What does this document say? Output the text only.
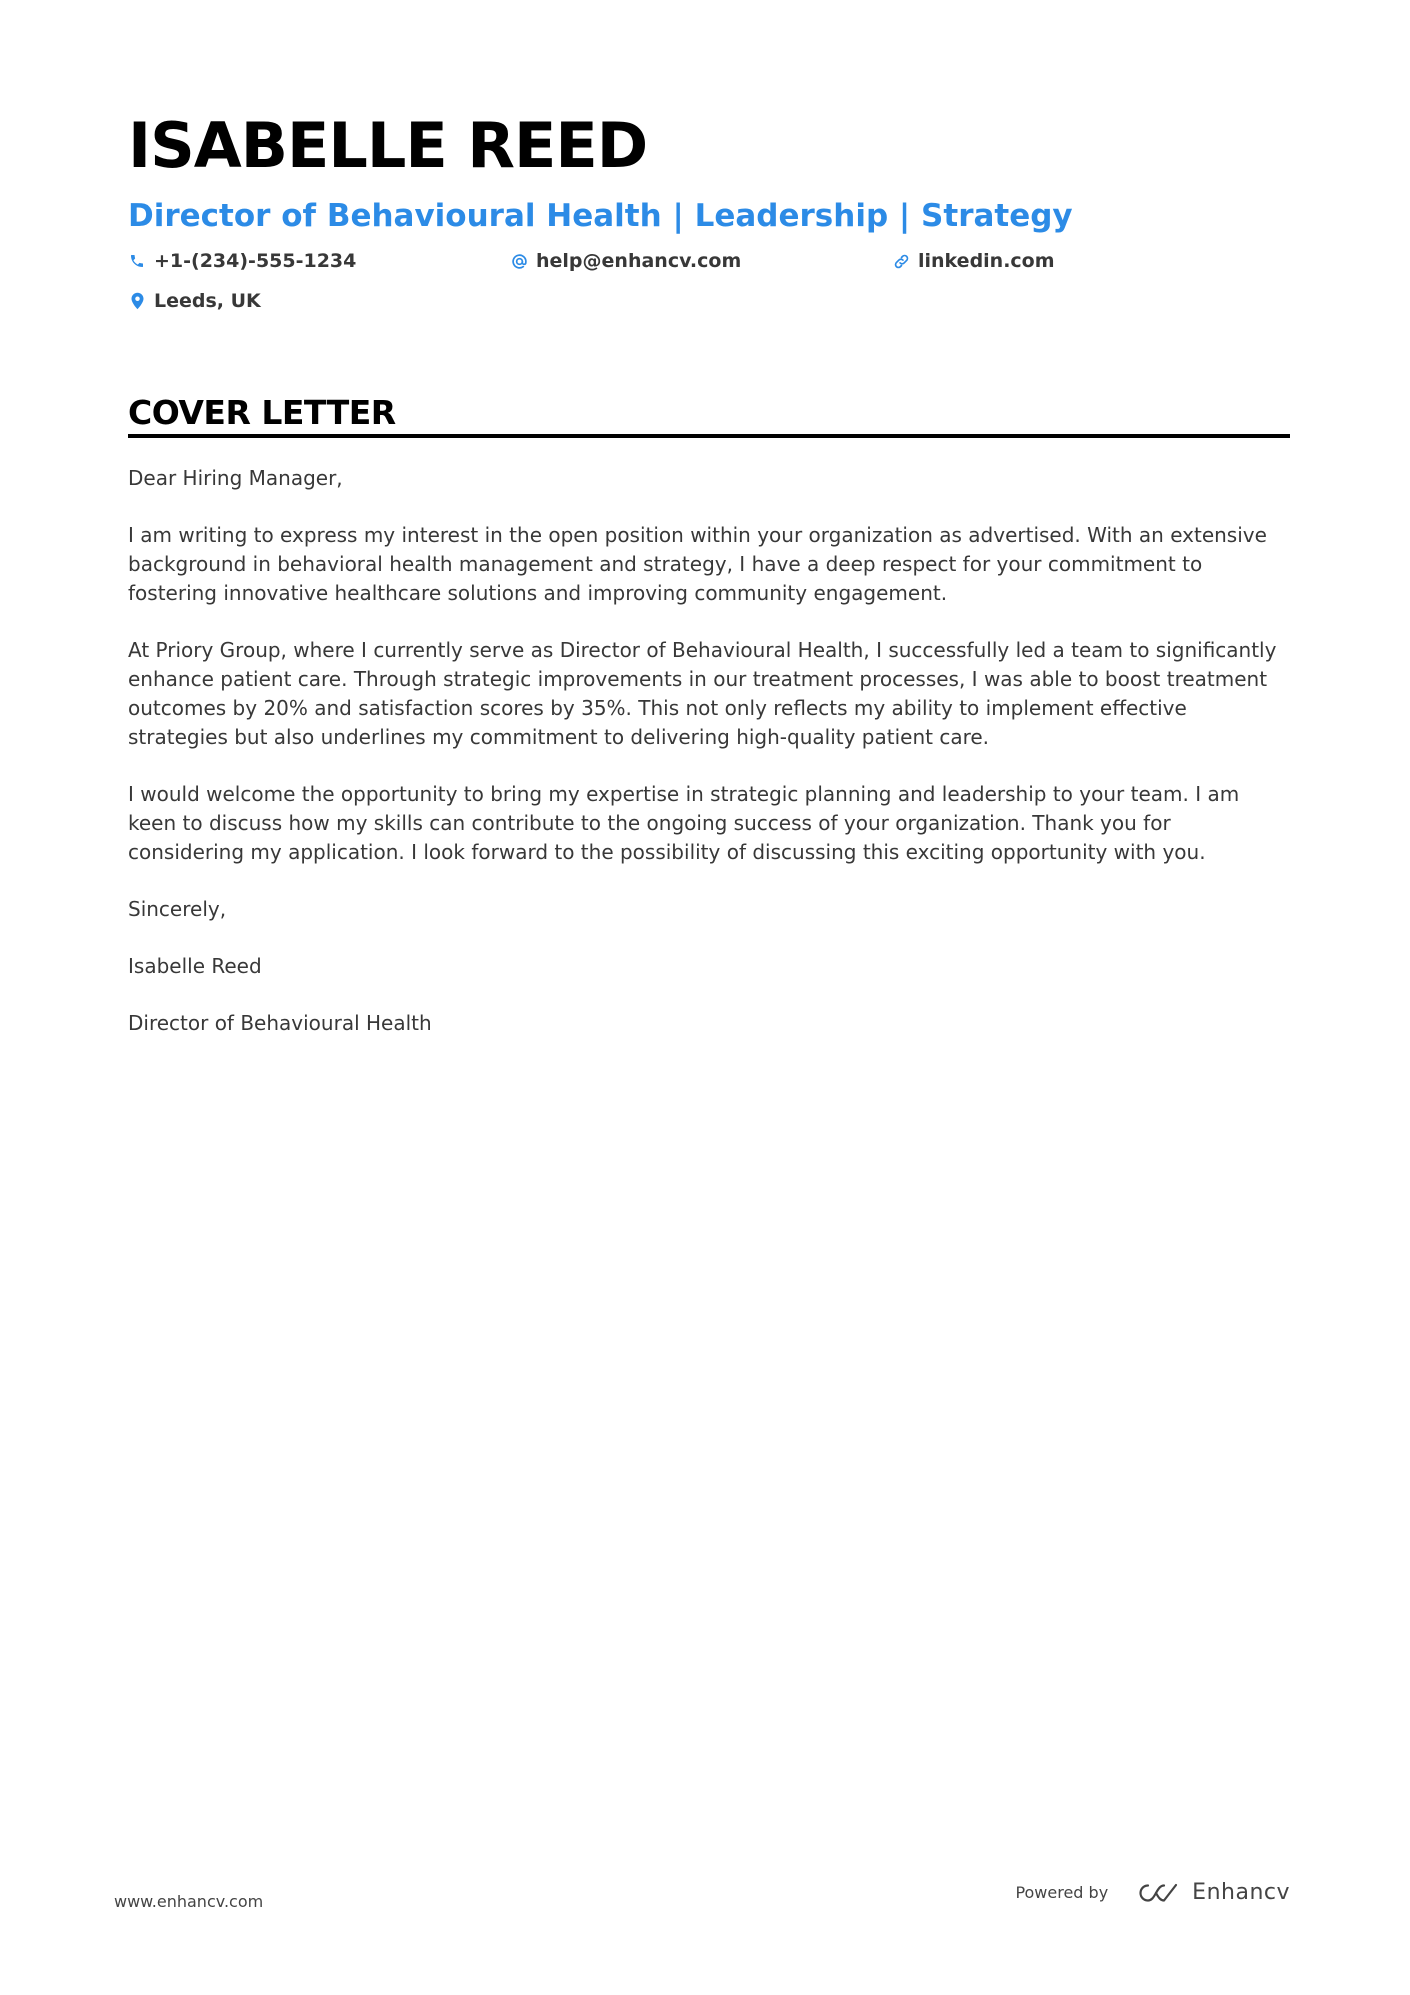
ISABELLE REED
Director of Behavioural Health | Leadership | Strategy
+1-(234)-555-1234	help@enhancv.com	linkedin.com
Leeds, UK
COVER LETTER

Dear Hiring Manager,

I am writing to express my interest in the open position within your organization as advertised. With an extensive background in behavioral health management and strategy, I have a deep respect for your commitment to fostering innovative healthcare solutions and improving community engagement.

At Priory Group, where I currently serve as Director of Behavioural Health, I successfully led a team to significantly enhance patient care. Through strategic improvements in our treatment processes, I was able to boost treatment outcomes by 20% and satisfaction scores by 35%. This not only reflects my ability to implement effective strategies but also underlines my commitment to delivering high-quality patient care.

I would welcome the opportunity to bring my expertise in strategic planning and leadership to your team. I am keen to discuss how my skills can contribute to the ongoing success of your organization. Thank you for considering my application. I look forward to the possibility of discussing this exciting opportunity with you.

Sincerely,

Isabelle Reed

Director of Behavioural Health

www.enhancv.com	Powered by	Enhancv
